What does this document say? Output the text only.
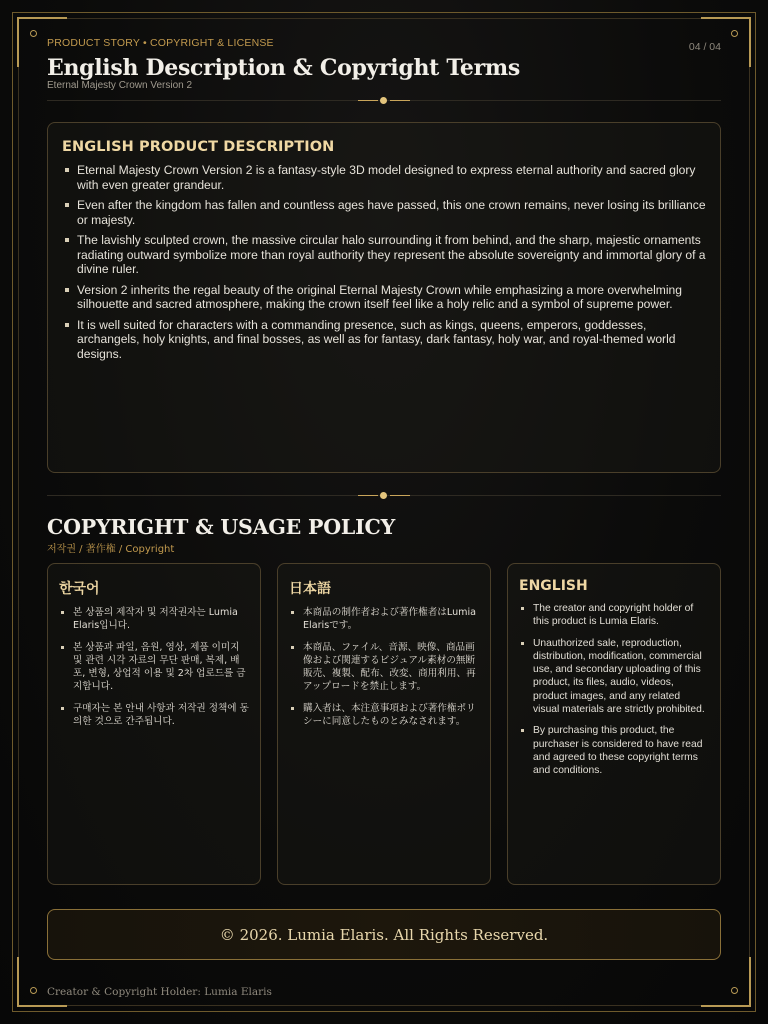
PRODUCT STORY • COPYRIGHT & LICENSE	04 / 04
English Description & Copyright Terms
Eternal Majesty Crown Version 2
ENGLISH PRODUCT DESCRIPTION
Eternal Majesty Crown Version 2 is a fantasy-style 3D model designed to express eternal authority and sacred glory with even greater grandeur.
Even after the kingdom has fallen and countless ages have passed, this one crown remains, never losing its brilliance or majesty.
The lavishly sculpted crown, the massive circular halo surrounding it from behind, and the sharp, majestic ornaments radiating outward symbolize more than royal authority they represent the absolute sovereignty and immortal glory of a divine ruler.
Version 2 inherits the regal beauty of the original Eternal Majesty Crown while emphasizing a more overwhelming silhouette and sacred atmosphere, making the crown itself feel like a holy relic and a symbol of supreme power.
It is well suited for characters with a commanding presence, such as kings, queens, emperors, goddesses, archangels, holy knights, and final bosses, as well as for fantasy, dark fantasy, holy war, and royal-themed world designs.
COPYRIGHT & USAGE POLICY
저작권 / 著作権 / Copyright
한국어
본 상품의 제작자 및 저작권자는 Lumia Elaris입니다.
본 상품과 파일, 음원, 영상, 제품 이미지 및 관련 시각 자료의 무단 판매, 복제, 배포, 변형, 상업적 이용 및 2차 업로드를 금지합니다.
구매자는 본 안내 사항과 저작권 정책에 동의한 것으로 간주됩니다.
日本語
本商品の制作者および著作権者はLumia Elarisです。
本商品、ファイル、音源、映像、商品画像および関連するビジュアル素材の無断販売、複製、配布、改変、商用利用、再アップロードを禁止します。
購入者は、本注意事項および著作権ポリシーに同意したものとみなされます。
ENGLISH
The creator and copyright holder of this product is Lumia Elaris.
Unauthorized sale, reproduction, distribution, modification, commercial use, and secondary uploading of this product, its files, audio, videos, product images, and any related visual materials are strictly prohibited.
By purchasing this product, the purchaser is considered to have read and agreed to these copyright terms and conditions.
© 2026. Lumia Elaris. All Rights Reserved.
Creator & Copyright Holder: Lumia Elaris
